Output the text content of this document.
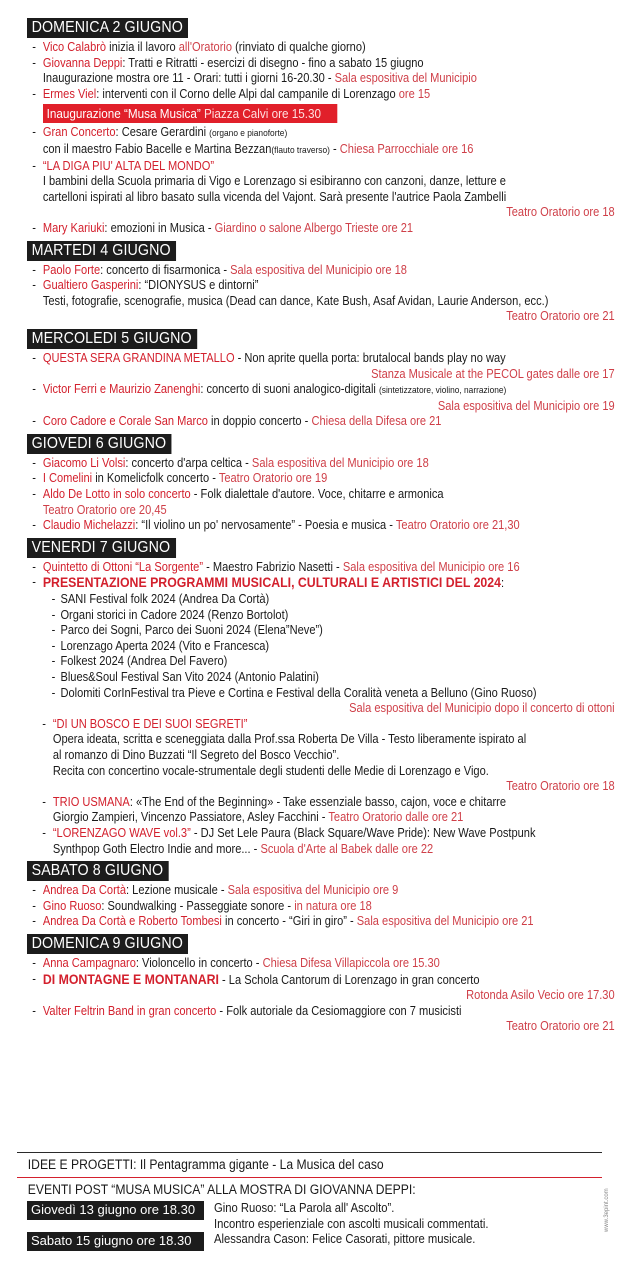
DOMENICA 2 GIUGNO
- Vico Calabrò inizia il lavoro all'Oratorio (rinviato di qualche giorno)
- Giovanna Deppi: Tratti e Ritratti - esercizi di disegno - fino a sabato 15 giugno
Inaugurazione mostra ore 11 - Orari: tutti i giorni 16-20.30 - Sala espositiva del Municipio
- Ermes Viel: interventi con il Corno delle Alpi dal campanile di Lorenzago ore 15
Inaugurazione “Musa Musica” Piazza Calvi ore 15.30
- Gran Concerto: Cesare Gerardini (organo e pianoforte)
con il maestro Fabio Bacelle e Martina Bezzan(flauto traverso) - Chiesa Parrocchiale ore 16
- “LA DIGA PIU' ALTA DEL MONDO”
I bambini della Scuola primaria di Vigo e Lorenzago si esibiranno con canzoni, danze, letture e
cartelloni ispirati al libro basato sulla vicenda del Vajont. Sarà presente l'autrice Paola Zambelli
Teatro Oratorio ore 18
- Mary Kariuki: emozioni in Musica - Giardino o salone Albergo Trieste ore 21
MARTEDI 4 GIUGNO
- Paolo Forte: concerto di fisarmonica - Sala espositiva del Municipio ore 18
- Gualtiero Gasperini: “DIONYSUS e dintorni”
Testi, fotografie, scenografie, musica (Dead can dance, Kate Bush, Asaf Avidan, Laurie Anderson, ecc.)
Teatro Oratorio ore 21
MERCOLEDI 5 GIUGNO
- QUESTA SERA GRANDINA METALLO - Non aprite quella porta: brutalocal bands play no way
Stanza Musicale at the PECOL gates dalle ore 17
- Victor Ferri e Maurizio Zanenghi: concerto di suoni analogico-digitali (sintetizzatore, violino, narrazione)
Sala espositiva del Municipio ore 19
- Coro Cadore e Corale San Marco in doppio concerto - Chiesa della Difesa ore 21
GIOVEDI 6 GIUGNO
- Giacomo Li Volsi: concerto d'arpa celtica - Sala espositiva del Municipio ore 18
- I Comelini in Komelicfolk concerto - Teatro Oratorio ore 19
- Aldo De Lotto in solo concerto - Folk dialettale d'autore. Voce, chitarre e armonica
Teatro Oratorio ore 20,45
- Claudio Michelazzi: “Il violino un po' nervosamente” - Poesia e musica - Teatro Oratorio ore 21,30
VENERDI 7 GIUGNO
- Quintetto di Ottoni “La Sorgente” - Maestro Fabrizio Nasetti - Sala espositiva del Municipio ore 16
- PRESENTAZIONE PROGRAMMI MUSICALI, CULTURALI E ARTISTICI DEL 2024:
- SANI Festival folk 2024 (Andrea Da Cortà)
- Organi storici in Cadore 2024 (Renzo Bortolot)
- Parco dei Sogni, Parco dei Suoni 2024 (Elena”Neve”)
- Lorenzago Aperta 2024 (Vito e Francesca)
- Folkest 2024 (Andrea Del Favero)
- Blues&Soul Festival San Vito 2024 (Antonio Palatini)
- Dolomiti CorInFestival tra Pieve e Cortina e Festival della Coralità veneta a Belluno (Gino Ruoso)
Sala espositiva del Municipio dopo il concerto di ottoni
- “DI UN BOSCO E DEI SUOI SEGRETI”
Opera ideata, scritta e sceneggiata dalla Prof.ssa Roberta De Villa - Testo liberamente ispirato al
al romanzo di Dino Buzzati “Il Segreto del Bosco Vecchio”.
Recita con concertino vocale-strumentale degli studenti delle Medie di Lorenzago e Vigo.
Teatro Oratorio ore 18
- TRIO USMANA: «The End of the Beginning» - Take essenziale basso, cajon, voce e chitarre
Giorgio Zampieri, Vincenzo Passiatore, Asley Facchini - Teatro Oratorio dalle ore 21
- “LORENZAGO WAVE vol.3” - DJ Set Lele Paura (Black Square/Wave Pride): New Wave Postpunk
Synthpop Goth Electro Indie and more... - Scuola d'Arte al Babek dalle ore 22
SABATO 8 GIUGNO
- Andrea Da Cortà: Lezione musicale - Sala espositiva del Municipio ore 9
- Gino Ruoso: Soundwalking - Passeggiate sonore - in natura ore 18
- Andrea Da Cortà e Roberto Tombesi in concerto - “Giri in giro” - Sala espositiva del Municipio ore 21
DOMENICA 9 GIUGNO
- Anna Campagnaro: Violoncello in concerto - Chiesa Difesa Villapiccola ore 15.30
- DI MONTAGNE E MONTANARI - La Schola Cantorum di Lorenzago in gran concerto
Rotonda Asilo Vecio ore 17.30
- Valter Feltrin Band in gran concerto - Folk autoriale da Cesiomaggiore con 7 musicisti
Teatro Oratorio ore 21
IDEE E PROGETTI: Il Pentagramma gigante - La Musica del caso
EVENTI POST “MUSA MUSICA” ALLA MOSTRA DI GIOVANNA DEPPI:
Giovedì 13 giugno ore 18.30	Gino Ruoso: “La Parola all' Ascolto”.
Incontro esperienziale con ascolti musicali commentati.
Sabato 15 giugno ore 18.30	Alessandra Cason: Felice Casorati, pittore musicale.
www.3epint.com
